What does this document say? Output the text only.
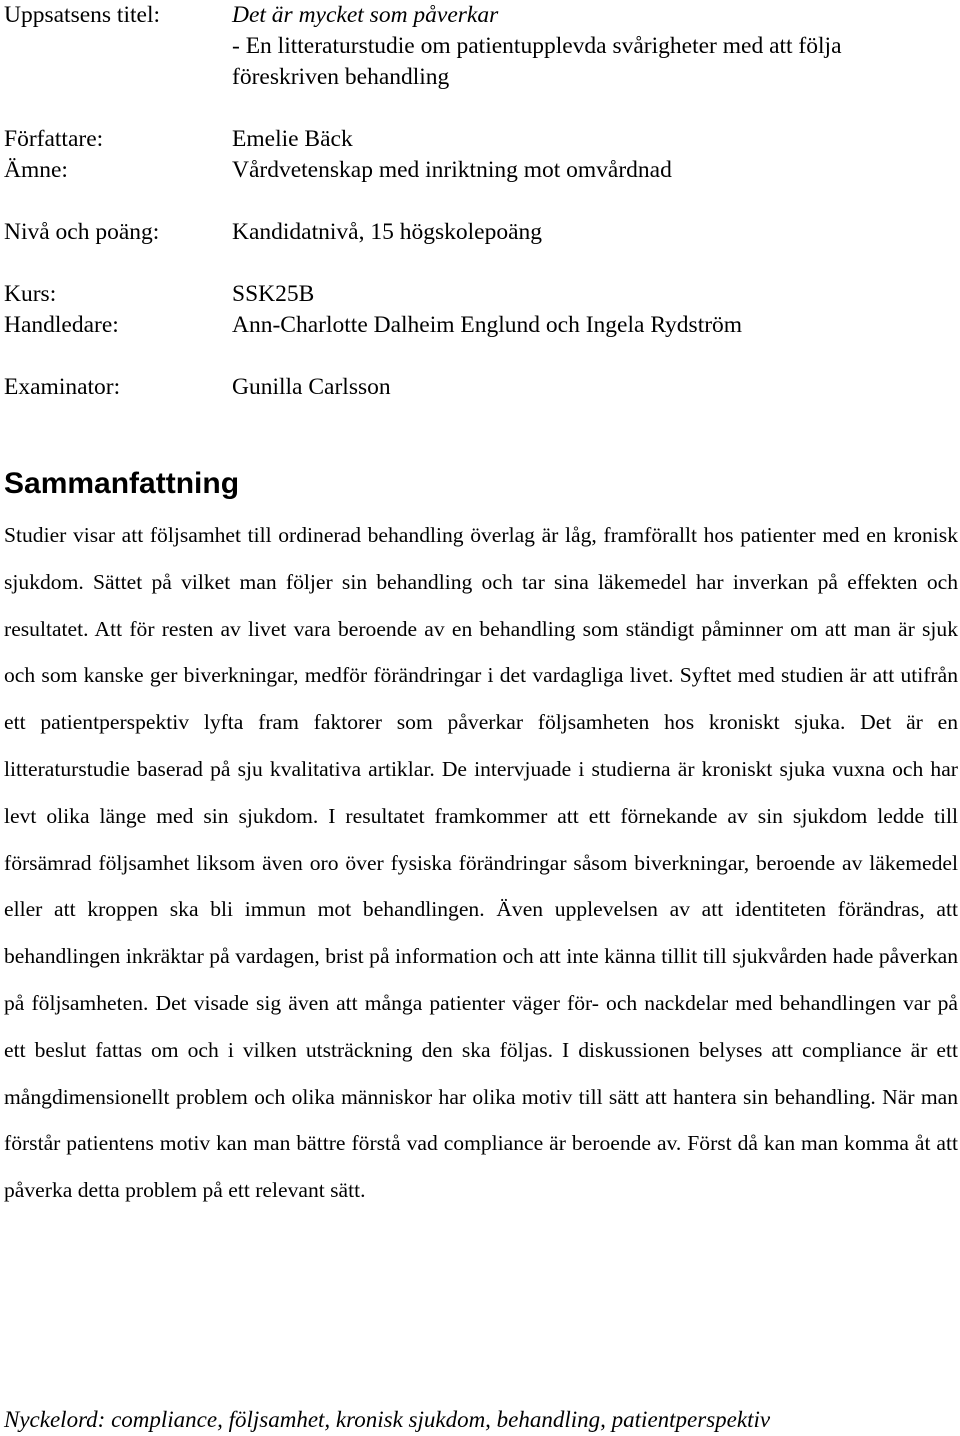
Uppsatsens titel:	Det är mycket som påverkar
- En litteraturstudie om patientupplevda svårigheter med att följa
föreskriven behandling
Författare:	Emelie Bäck
Ämne:	Vårdvetenskap med inriktning mot omvårdnad
Nivå och poäng:	Kandidatnivå, 15 högskolepoäng
Kurs:	SSK25B
Handledare:	Ann-Charlotte Dalheim Englund och Ingela Rydström
Examinator:	Gunilla Carlsson
Sammanfattning

Studier visar att följsamhet till ordinerad behandling överlag är låg, framförallt hos patienter med en kronisk sjukdom. Sättet på vilket man följer sin behandling och tar sina läkemedel har inverkan på effekten och resultatet. Att för resten av livet vara beroende av en behandling som ständigt påminner om att man är sjuk och som kanske ger biverkningar, medför förändringar i det vardagliga livet. Syftet med studien är att utifrån ett patientperspektiv lyfta fram faktorer som påverkar följsamheten hos kroniskt sjuka. Det är en litteraturstudie baserad på sju kvalitativa artiklar. De intervjuade i studierna är kroniskt sjuka vuxna och har levt olika länge med sin sjukdom. I resultatet framkommer att ett förnekande av sin sjukdom ledde till försämrad följsamhet liksom även oro över fysiska förändringar såsom biverkningar, beroende av läkemedel eller att kroppen ska bli immun mot behandlingen. Även upplevelsen av att identiteten förändras, att behandlingen inkräktar på vardagen, brist på information och att inte känna tillit till sjukvården hade påverkan på följsamheten. Det visade sig även att många patienter väger för- och nackdelar med behandlingen var på ett beslut fattas om och i vilken utsträckning den ska följas. I diskussionen belyses att compliance är ett mångdimensionellt problem och olika människor har olika motiv till sätt att hantera sin behandling. När man förstår patientens motiv kan man bättre förstå vad compliance är beroende av. Först då kan man komma åt att påverka detta problem på ett relevant sätt.

Nyckelord: compliance, följsamhet, kronisk sjukdom, behandling, patientperspektiv
